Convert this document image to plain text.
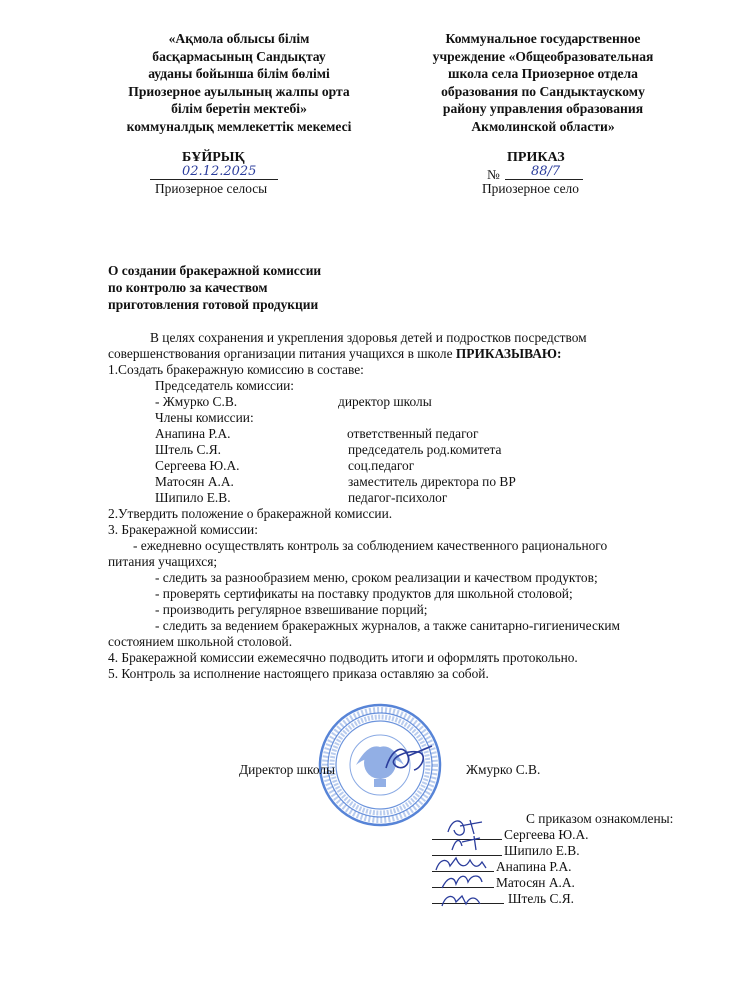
«Ақмола облысы білім
басқармасының Сандықтау
ауданы бойынша білім бөлімі
Приозерное ауылының жалпы орта
білім беретін мектебі»
коммуналдық мемлекеттік мекемесі
Коммунальное государственное
учреждение «Общеобразовательная
школа села Приозерное отдела
образования по Сандыктаускому
району управления образования
Акмолинской области»
БҰЙРЫҚ	ПРИКАЗ
02.12.2025	№ 88/7
Приозерное селосы	Приозерное село
О создании бракеражной комиссии
по контролю за качеством
приготовления готовой продукции
В целях сохранения и укрепления здоровья детей и подростков посредством
совершенствования организации питания учащихся в школе ПРИКАЗЫВАЮ:
1.Создать бракеражную комиссию в составе:
Председатель комиссии:
- Жмурко С.В.	директор школы
Члены комиссии:
Анапина Р.А.	ответственный педагог
Штель С.Я.	председатель род.комитета
Сергеева Ю.А.	соц.педагог
Матосян А.А.	заместитель директора по ВР
Шипило Е.В.	педагог-психолог
2.Утвердить положение о бракеражной комиссии.
3. Бракеражной комиссии:
- ежедневно осуществлять контроль за соблюдением качественного рационального
питания учащихся;
- следить за разнообразием меню, сроком реализации и качеством продуктов;
- проверять сертификаты на поставку продуктов для школьной столовой;
- производить регулярное взвешивание порций;
- следить за ведением бракеражных журналов, а также санитарно-гигиеническим
состоянием школьной столовой.
4. Бракеражной комиссии ежемесячно подводить итоги и оформлять протокольно.
5. Контроль за исполнение настоящего приказа оставляю за собой.
Директор школы	Жмурко С.В.
С приказом ознакомлены:
Сергеева Ю.А.
Шипило Е.В.
Анапина Р.А.
Матосян А.А.
Штель С.Я.
